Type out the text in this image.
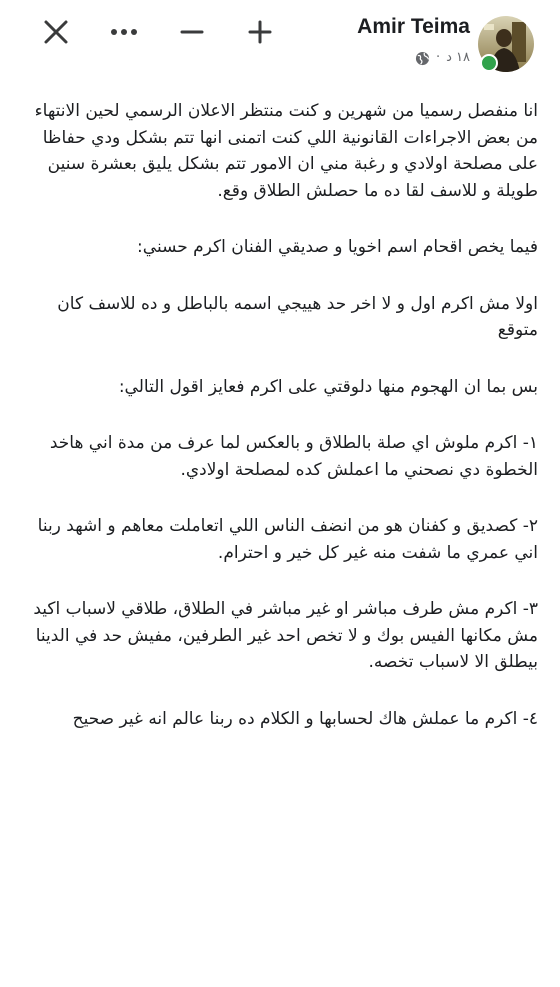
Amir Teima
· ١٨ د

انا منفصل رسميا من شهرين و كنت منتظر الاعلان الرسمي لحين الانتهاء من بعض الاجراءات القانونية اللي كنت اتمنى انها تتم بشكل ودي حفاظا على مصلحة اولادي و رغبة مني ان الامور تتم بشكل يليق بعشرة سنين طويلة و للاسف لقا ده ما حصلش الطلاق وقع.

فيما يخص اقحام اسم اخويا و صديقي الفنان اكرم حسني:

اولا مش اكرم اول و لا اخر حد هييجي اسمه بالباطل و ده للاسف كان متوقع

بس بما ان الهجوم منها دلوقتي على اكرم فعايز اقول التالي:

١- اكرم ملوش اي صلة بالطلاق و بالعكس لما عرف من مدة اني هاخد الخطوة دي نصحني ما اعملش كده لمصلحة اولادي.

٢- كصديق و كفنان هو من انضف الناس اللي اتعاملت معاهم و اشهد ربنا اني عمري ما شفت منه غير كل خير و احترام.

٣- اكرم مش طرف مباشر او غير مباشر في الطلاق، طلاقي لاسباب اكيد مش مكانها الفيس بوك و لا تخص احد غير الطرفين، مفيش حد في الدينا بيطلق الا لاسباب تخصه.

٤- اكرم ما عملش هاك لحسابها و الكلام ده ربنا عالم انه غير صحيح
